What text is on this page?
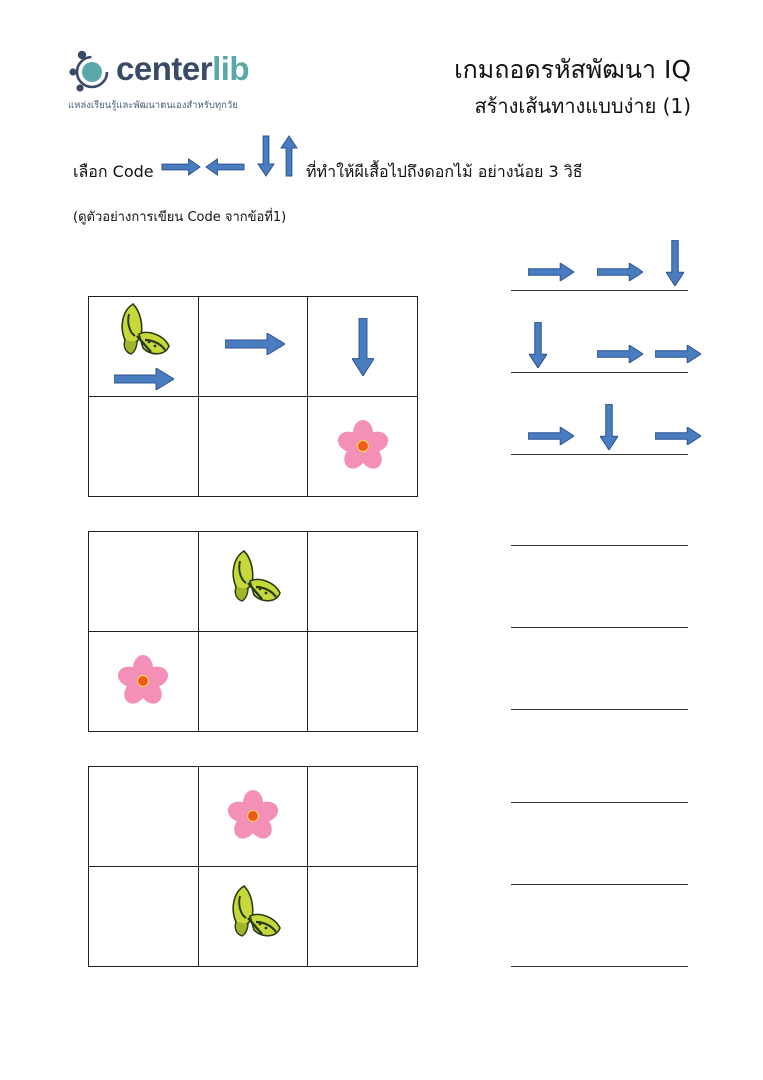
centerlib
แหล่งเรียนรู้และพัฒนาตนเองสำหรับทุกวัย
เกมถอดรหัสพัฒนา IQ
สร้างเส้นทางแบบง่าย (1)
เลือก Code	ที่ทำให้ผีเสื้อไปถึงดอกไม้ อย่างน้อย 3 วิธี
(ดูตัวอย่างการเขียน Code จากข้อที่1)
